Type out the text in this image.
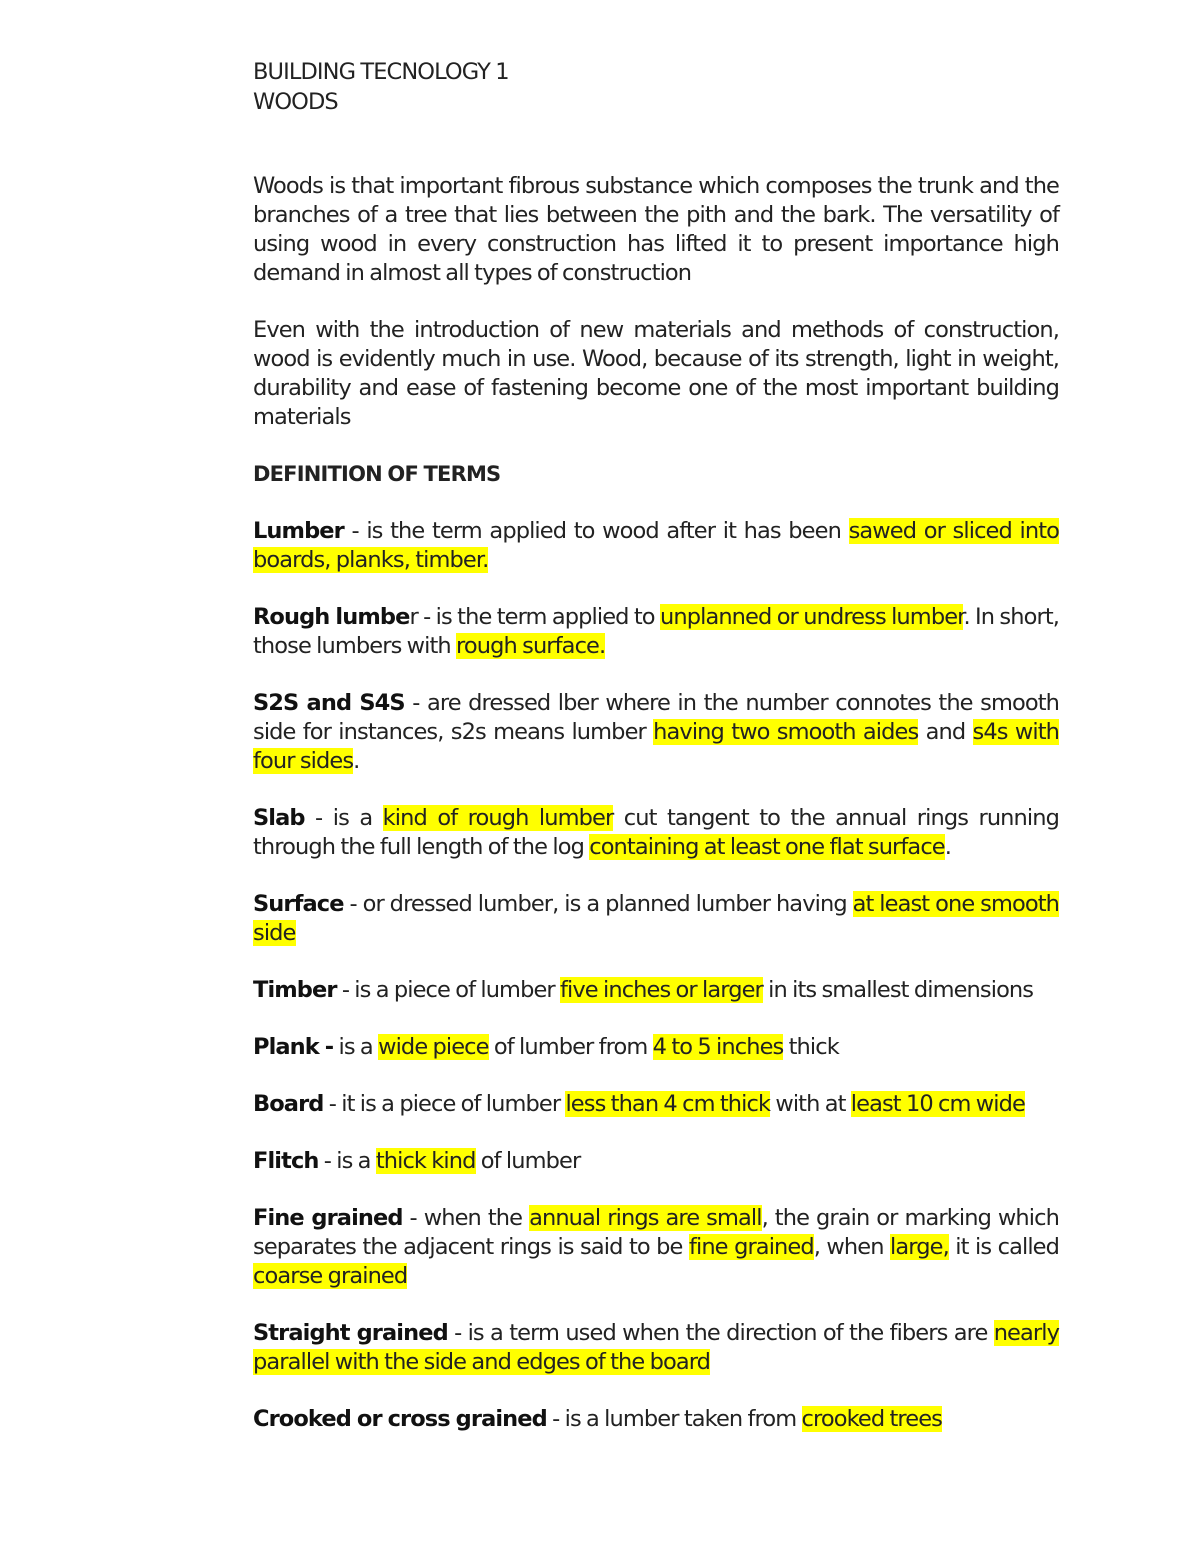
BUILDING TECNOLOGY 1

WOODS

Woods is that important fibrous substance which composes the trunk and the branches of a tree that lies between the pith and the bark. The versatility of using wood in every construction has lifted it to present importance high demand in almost all types of construction

Even with the introduction of new materials and methods of construction, wood is evidently much in use. Wood, because of its strength, light in weight, durability and ease of fastening become one of the most important building materials

DEFINITION OF TERMS

Lumber - is the term applied to wood after it has been sawed or sliced into boards, planks, timber.

Rough lumber - is the term applied to unplanned or undress lumber. In short, those lumbers with rough surface.

S2S and S4S - are dressed lber where in the number connotes the smooth side for instances, s2s means lumber having two smooth aides and s4s with four sides.

Slab - is a kind of rough lumber cut tangent to the annual rings running through the full length of the log containing at least one flat surface.

Surface - or dressed lumber, is a planned lumber having at least one smooth side

Timber - is a piece of lumber five inches or larger in its smallest dimensions

Plank - is a wide piece of lumber from 4 to 5 inches thick

Board - it is a piece of lumber less than 4 cm thick with at least 10 cm wide

Flitch - is a thick kind of lumber

Fine grained - when the annual rings are small, the grain or marking which separates the adjacent rings is said to be fine grained, when large, it is called coarse grained

Straight grained - is a term used when the direction of the fibers are nearly parallel with the side and edges of the board

Crooked or cross grained - is a lumber taken from crooked trees
